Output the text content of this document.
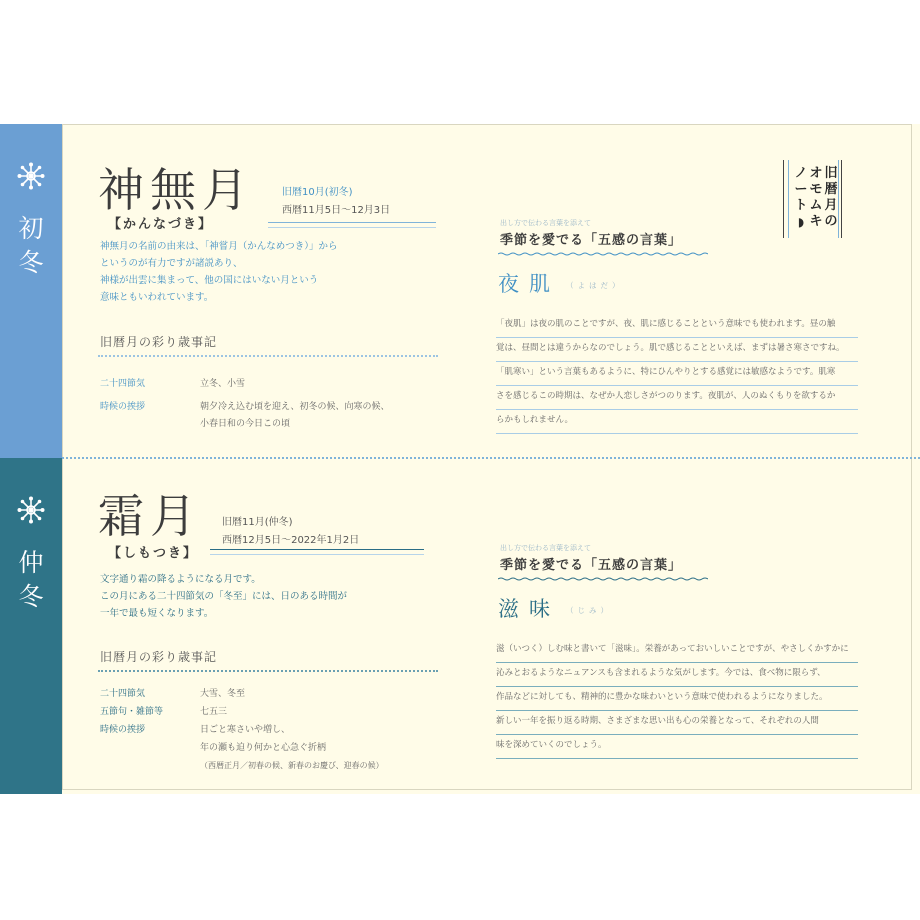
初
冬
仲
冬
ノ
ー
ト
◗
オ
モ
ム
キ
旧
暦
月
の
神無月
【かんなづき】
旧暦10月(初冬)
西暦11月5日〜12月3日
神無月の名前の由来は、「神嘗月（かんなめつき）」から
というのが有力ですが諸説あり、
神様が出雲に集まって、他の国にはいない月という
意味ともいわれています。
旧暦月の彩り歳事記
二十四節気	立冬、小雪
時候の挨拶	朝夕冷え込む頃を迎え、初冬の候、向寒の候、
小春日和の今日この頃
出し方で伝わる言葉を添えて
季節を愛でる「五感の言葉」
夜肌 （よはだ）
「夜肌」は夜の肌のことですが、夜、肌に感じることという意味でも使われます。昼の触
覚は、昼間とは違うからなのでしょう。肌で感じることといえば、まずは暑さ寒さですね。
「肌寒い」という言葉もあるように、特にひんやりとする感覚には敏感なようです。肌寒
さを感じるこの時期は、なぜか人恋しさがつのります。夜肌が、人のぬくもりを欲するか
らかもしれません。
霜月
【しもつき】
旧暦11月(仲冬)
西暦12月5日〜2022年1月2日
文字通り霜の降るようになる月です。
この月にある二十四節気の「冬至」には、日のある時間が
一年で最も短くなります。
旧暦月の彩り歳事記
二十四節気	大雪、冬至
五節句・雑節等	七五三
時候の挨拶	日ごと寒さいや増し、
年の瀬も迫り何かと心急ぐ折柄
（西暦正月／初春の候、新春のお慶び、迎春の候）
出し方で伝わる言葉を添えて
季節を愛でる「五感の言葉」
滋味 （じみ）
滋（いつく）しむ味と書いて「滋味」。栄養があっておいしいことですが、やさしくかすかに
沁みとおるようなニュアンスも含まれるような気がします。今では、食べ物に限らず、
作品などに対しても、精神的に豊かな味わいという意味で使われるようになりました。
新しい一年を振り返る時期、さまざまな思い出も心の栄養となって、それぞれの人間
味を深めていくのでしょう。
